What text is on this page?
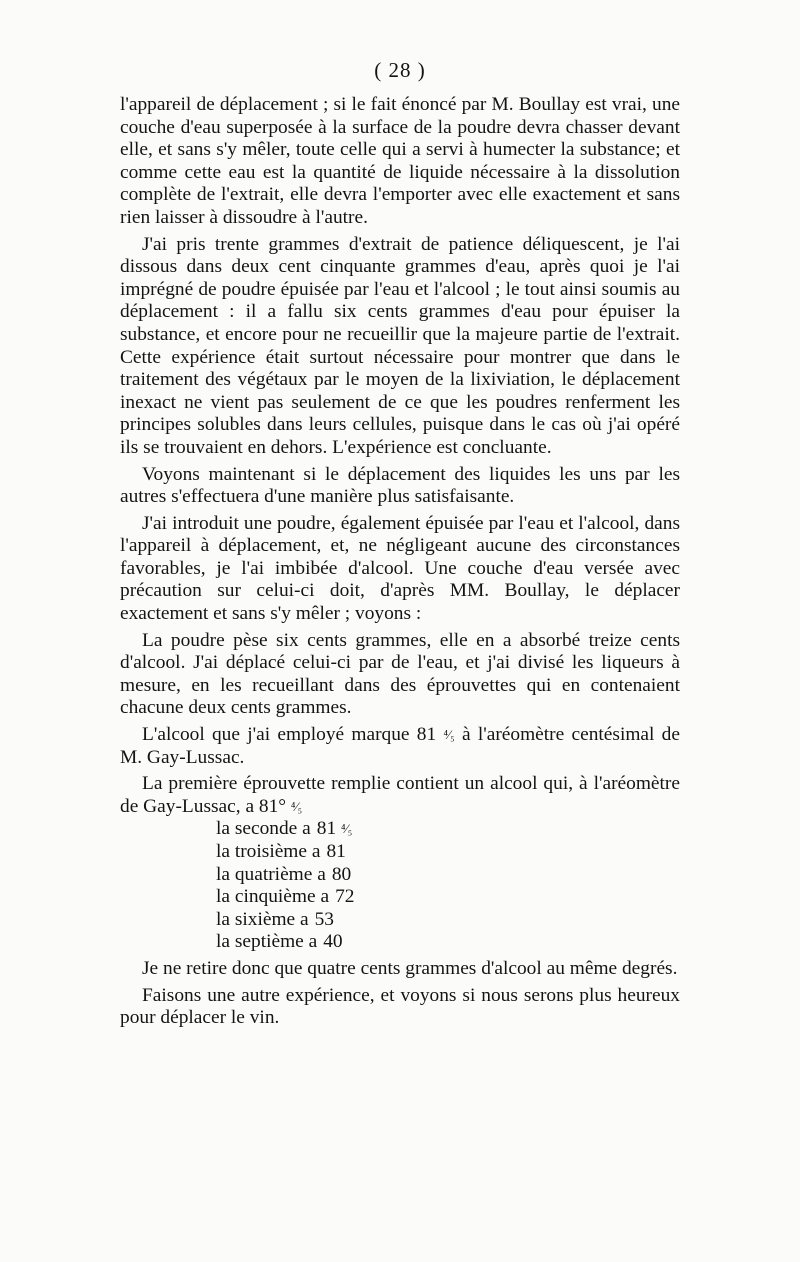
( 28 )

l'appareil de déplacement ; si le fait énoncé par M. Boullay est vrai, une couche d'eau superposée à la surface de la poudre devra chasser devant elle, et sans s'y mêler, toute celle qui a servi à humecter la substance; et comme cette eau est la quantité de liquide nécessaire à la dissolution complète de l'extrait, elle devra l'emporter avec elle exactement et sans rien laisser à dissoudre à l'autre.

J'ai pris trente grammes d'extrait de patience déliquescent, je l'ai dissous dans deux cent cinquante grammes d'eau, après quoi je l'ai imprégné de poudre épuisée par l'eau et l'alcool ; le tout ainsi soumis au déplacement : il a fallu six cents grammes d'eau pour épuiser la substance, et encore pour ne recueillir que la majeure partie de l'extrait. Cette expérience était surtout nécessaire pour montrer que dans le traitement des végétaux par le moyen de la lixiviation, le déplacement inexact ne vient pas seulement de ce que les poudres renferment les principes solubles dans leurs cellules, puisque dans le cas où j'ai opéré ils se trouvaient en dehors. L'expérience est concluante.

Voyons maintenant si le déplacement des liquides les uns par les autres s'effectuera d'une manière plus satisfaisante.

J'ai introduit une poudre, également épuisée par l'eau et l'alcool, dans l'appareil à déplacement, et, ne négligeant aucune des circonstances favorables, je l'ai imbibée d'alcool. Une couche d'eau versée avec précaution sur celui-ci doit, d'après MM. Boullay, le déplacer exactement et sans s'y mêler ; voyons :

La poudre pèse six cents grammes, elle en a absorbé treize cents d'alcool. J'ai déplacé celui-ci par de l'eau, et j'ai divisé les liqueurs à mesure, en les recueillant dans des éprouvettes qui en contenaient chacune deux cents grammes.

L'alcool que j'ai employé marque 81 ⁴⁄₅ à l'aréomètre centésimal de M. Gay-Lussac.

La première éprouvette remplie contient un alcool qui, à l'aréomètre de Gay-Lussac, a 81° ⁴⁄₅

la seconde a 81 ⁴⁄₅
la troisième a 81
la quatrième a 80
la cinquième a 72
la sixième a 53
la septième a 40

Je ne retire donc que quatre cents grammes d'alcool au même degrés.

Faisons une autre expérience, et voyons si nous serons plus heureux pour déplacer le vin.
